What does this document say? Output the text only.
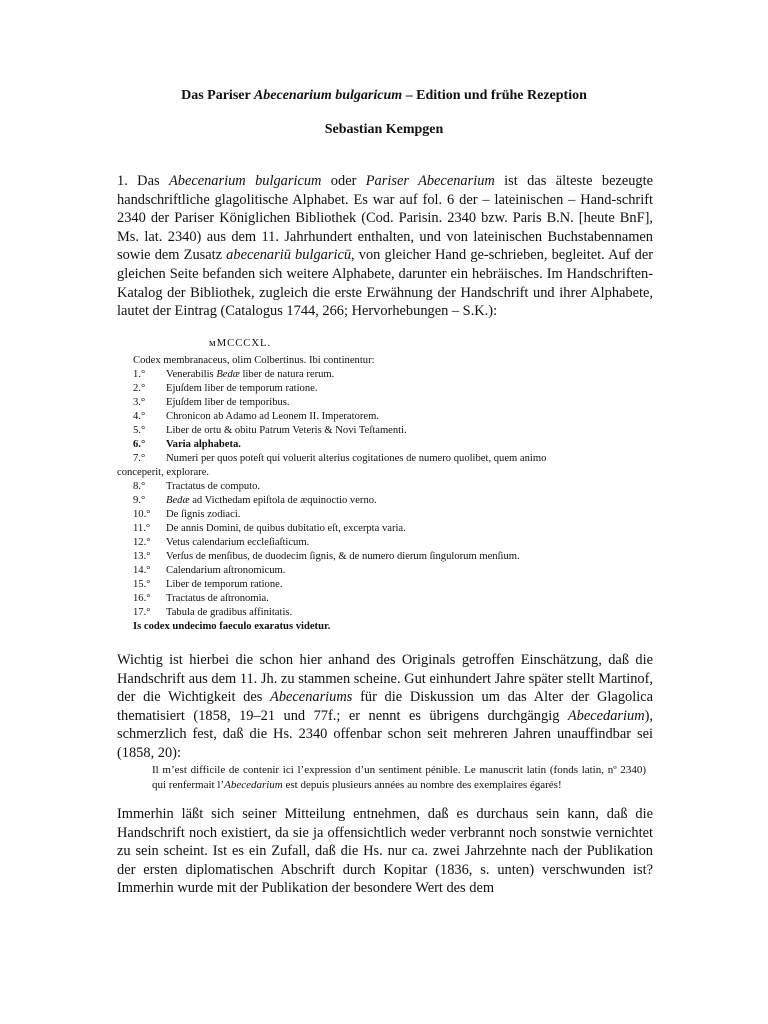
Das Pariser Abecenarium bulgaricum – Edition und frühe Rezeption
Sebastian Kempgen

1. Das Abecenarium bulgaricum oder Pariser Abecenarium ist das älteste bezeugte handschriftliche glagolitische Alphabet. Es war auf fol. 6 der – lateinischen – Hand-schrift 2340 der Pariser Königlichen Bibliothek (Cod. Parisin. 2340 bzw. Paris B.N. [heute BnF], Ms. lat. 2340) aus dem 11. Jahrhundert enthalten, und von lateinischen Buchstabennamen sowie dem Zusatz abecenariū bulgaricū, von gleicher Hand ge-schrieben, begleitet. Auf der gleichen Seite befanden sich weitere Alphabete, darunter ein hebräisches. Im Handschriften-Katalog der Bibliothek, zugleich die erste Erwähnung der Handschrift und ihrer Alphabete, lautet der Eintrag (Catalogus 1744, 266; Hervorhebungen – S.K.):

ᴍMCCCXL.
Codex membranaceus, olim Colbertinus. Ibi continentur:
1.°	Venerabilis Bedæ liber de natura rerum.
2.°	Ejuſdem liber de temporum ratione.
3.°	Ejuſdem liber de temporibus.
4.°	Chronicon ab Adamo ad Leonem II. Imperatorem.
5.°	Liber de ortu & obitu Patrum Veteris & Novi Teſtamenti.
6.°	Varia alphabeta.
7.°	Numeri per quos poteſt qui voluerit alterius cogitationes de numero quolibet, quem animo
conceperit, explorare.
8.°	Tractatus de computo.
9.°	Bedæ ad Victhedam epiſtola de æquinoctio verno.
10.°	De ſignis zodiaci.
11.°	De annis Domini, de quibus dubitatio eſt, excerpta varia.
12.°	Vetus calendarium eccleſiaſticum.
13.°	Verſus de menſibus, de duodecim ſignis, & de numero dierum ſingulorum menſium.
14.°	Calendarium aſtronomicum.
15.°	Liber de temporum ratione.
16.°	Tractatus de aſtronomia.
17.°	Tabula de gradibus affinitatis.
Is codex undecimo faeculo exaratus videtur.

Wichtig ist hierbei die schon hier anhand des Originals getroffen Einschätzung, daß die Handschrift aus dem 11. Jh. zu stammen scheine. Gut einhundert Jahre später stellt Martinof, der die Wichtigkeit des Abecenariums für die Diskussion um das Alter der Glagolica thematisiert (1858, 19–21 und 77f.; er nennt es übrigens durchgängig Abecedarium), schmerzlich fest, daß die Hs. 2340 offenbar schon seit mehreren Jahren unauffindbar sei (1858, 20):

Il m’est difficile de contenir ici l’expression d’un sentiment pénible. Le manuscrit latin (fonds latin, nº 2340) qui renfermait l’Abecedarium est depuis plusieurs années au nombre des exemplaires égarés!

Immerhin läßt sich seiner Mitteilung entnehmen, daß es durchaus sein kann, daß die Handschrift noch existiert, da sie ja offensichtlich weder verbrannt noch sonstwie vernichtet zu sein scheint. Ist es ein Zufall, daß die Hs. nur ca. zwei Jahrzehnte nach der Publikation der ersten diplomatischen Abschrift durch Kopitar (1836, s. unten) verschwunden ist? Immerhin wurde mit der Publikation der besondere Wert des dem
